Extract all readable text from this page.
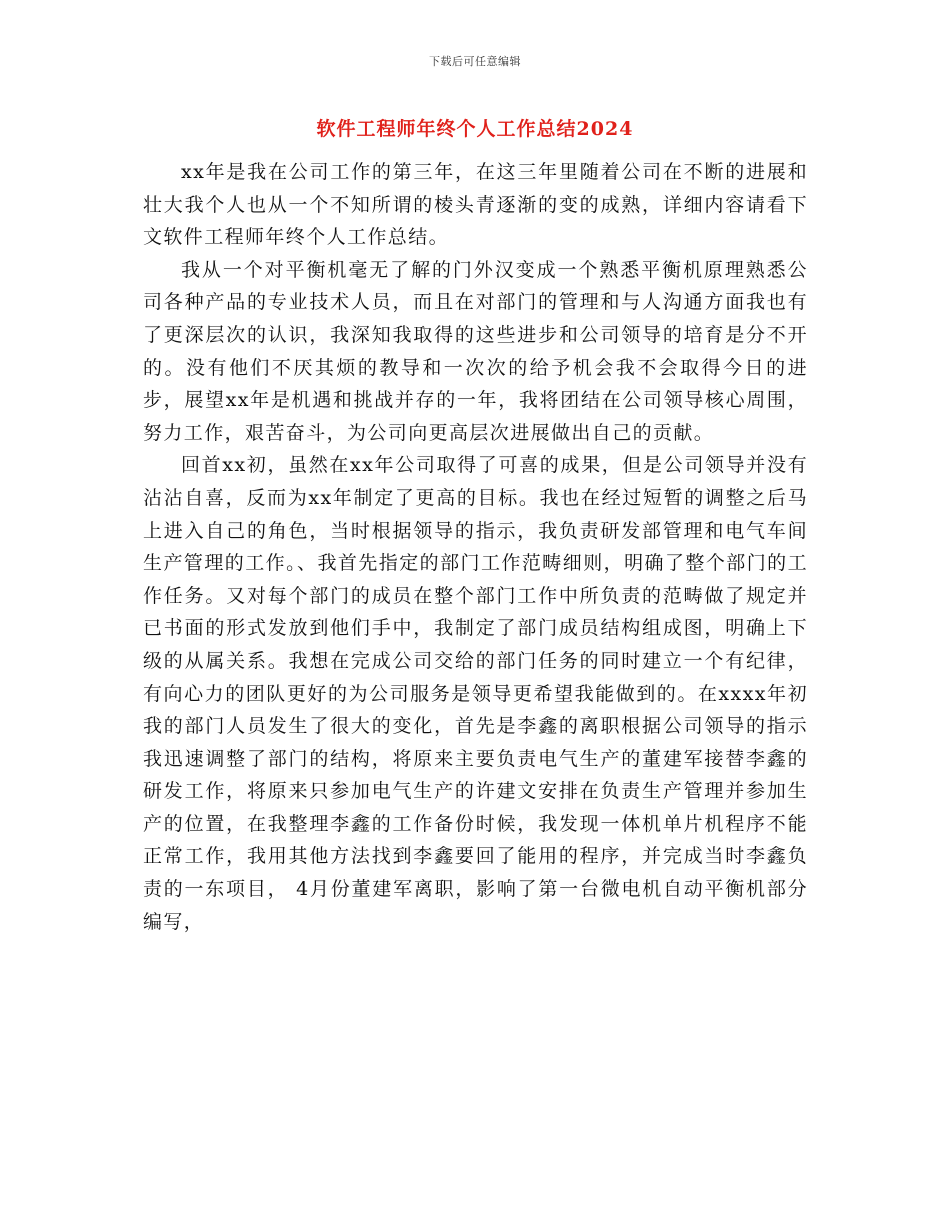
下载后可任意编辑
软件工程师年终个人工作总结2024

xx年是我在公司工作的第三年，在这三年里随着公司在不断的进展和壮大我个人也从一个不知所谓的棱头青逐渐的变的成熟，详细内容请看下文软件工程师年终个人工作总结。

我从一个对平衡机毫无了解的门外汉变成一个熟悉平衡机原理熟悉公司各种产品的专业技术人员，而且在对部门的管理和与人沟通方面我也有了更深层次的认识，我深知我取得的这些进步和公司领导的培育是分不开的。没有他们不厌其烦的教导和一次次的给予机会我不会取得今日的进步，展望xx年是机遇和挑战并存的一年，我将团结在公司领导核心周围，努力工作，艰苦奋斗，为公司向更高层次进展做出自己的贡献。

回首xx初，虽然在xx年公司取得了可喜的成果，但是公司领导并没有沾沾自喜，反而为xx年制定了更高的目标。我也在经过短暂的调整之后马上进入自己的角色，当时根据领导的指示，我负责研发部管理和电气车间生产管理的工作。、我首先指定的部门工作范畴细则，明确了整个部门的工作任务。又对每个部门的成员在整个部门工作中所负责的范畴做了规定并已书面的形式发放到他们手中，我制定了部门成员结构组成图，明确上下级的从属关系。我想在完成公司交给的部门任务的同时建立一个有纪律，有向心力的团队更好的为公司服务是领导更希望我能做到的。在xxxx年初我的部门人员发生了很大的变化，首先是李鑫的离职根据公司领导的指示我迅速调整了部门的结构，将原来主要负责电气生产的董建军接替李鑫的研发工作，将原来只参加电气生产的许建文安排在负责生产管理并参加生产的位置，在我整理李鑫的工作备份时候，我发现一体机单片机程序不能正常工作，我用其他方法找到李鑫要回了能用的程序，并完成当时李鑫负责的一东项目， 4月份董建军离职，影响了第一台微电机自动平衡机部分编写，
